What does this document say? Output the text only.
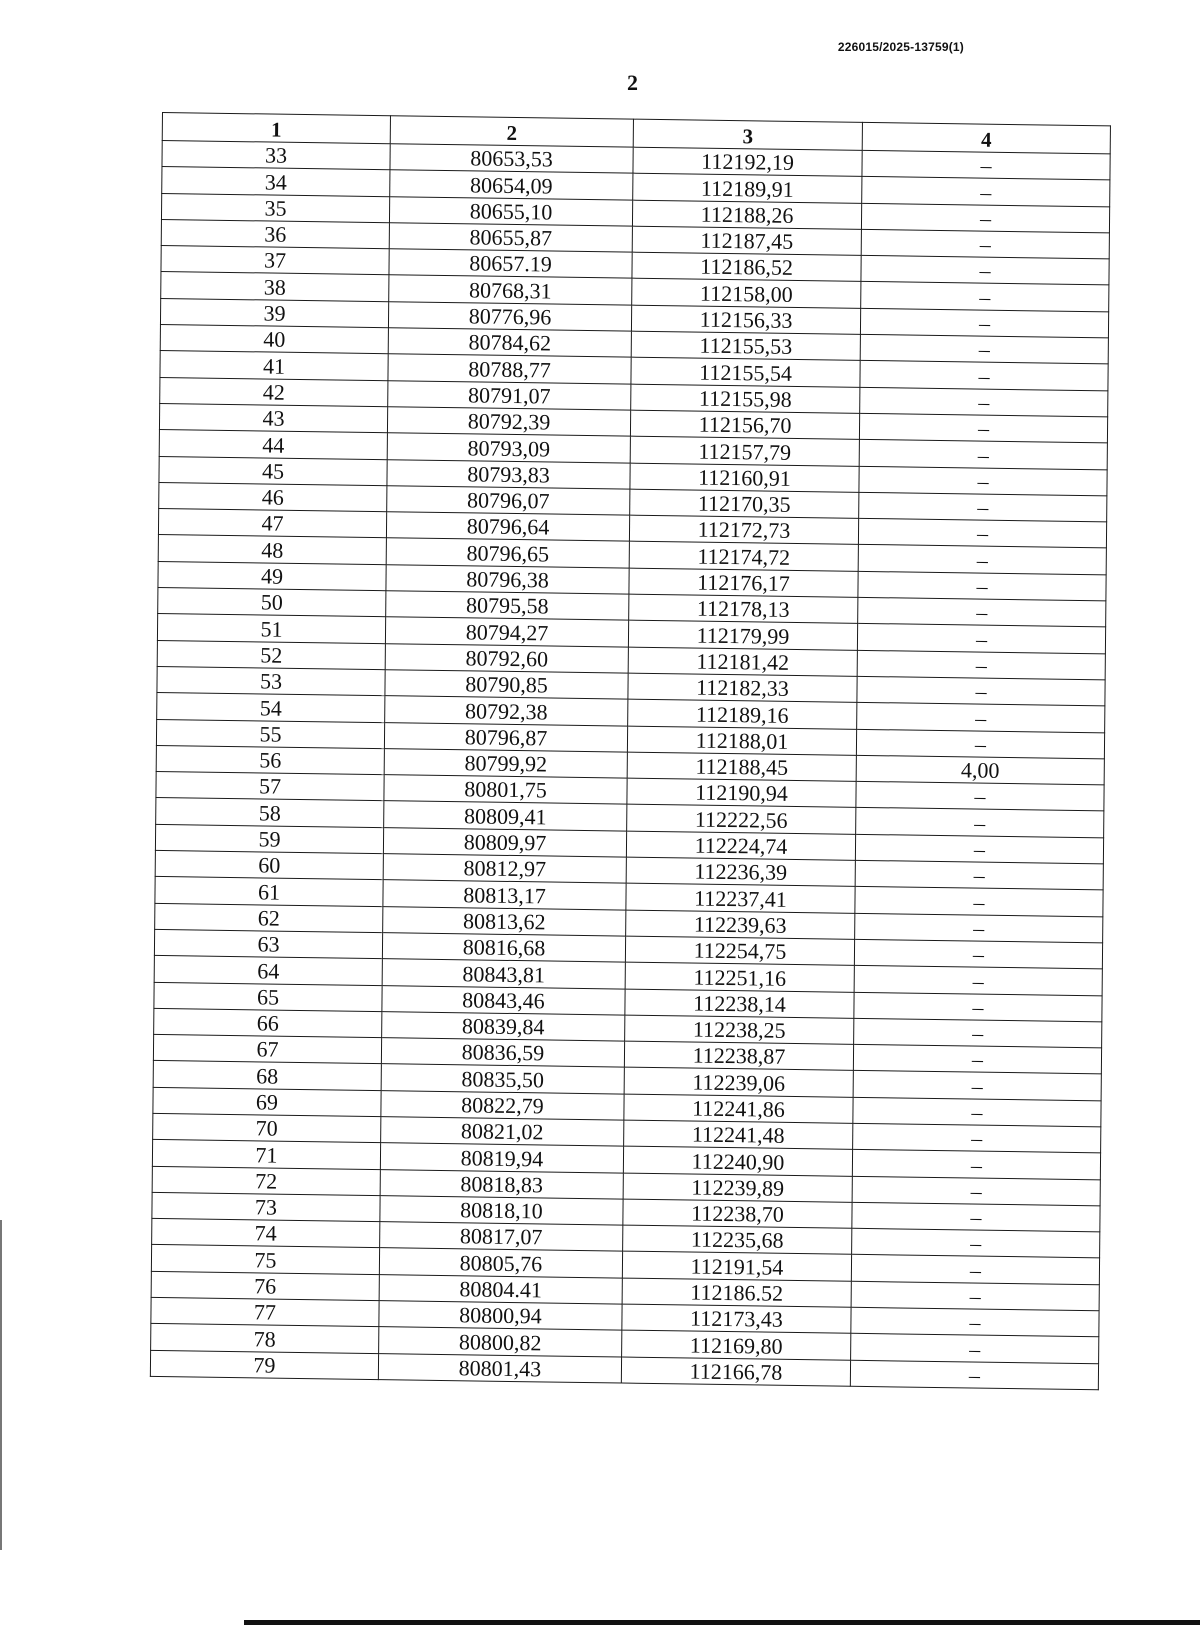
226015/2025-13759(1)
2
1	2	3	4
33	80653,53	112192,19	–
34	80654,09	112189,91	–
35	80655,10	112188,26	–
36	80655,87	112187,45	–
37	80657.19	112186,52	–
38	80768,31	112158,00	–
39	80776,96	112156,33	–
40	80784,62	112155,53	–
41	80788,77	112155,54	–
42	80791,07	112155,98	–
43	80792,39	112156,70	–
44	80793,09	112157,79	–
45	80793,83	112160,91	–
46	80796,07	112170,35	–
47	80796,64	112172,73	–
48	80796,65	112174,72	–
49	80796,38	112176,17	–
50	80795,58	112178,13	–
51	80794,27	112179,99	–
52	80792,60	112181,42	–
53	80790,85	112182,33	–
54	80792,38	112189,16	–
55	80796,87	112188,01	–
56	80799,92	112188,45	4,00
57	80801,75	112190,94	–
58	80809,41	112222,56	–
59	80809,97	112224,74	–
60	80812,97	112236,39	–
61	80813,17	112237,41	–
62	80813,62	112239,63	–
63	80816,68	112254,75	–
64	80843,81	112251,16	–
65	80843,46	112238,14	–
66	80839,84	112238,25	–
67	80836,59	112238,87	–
68	80835,50	112239,06	–
69	80822,79	112241,86	–
70	80821,02	112241,48	–
71	80819,94	112240,90	–
72	80818,83	112239,89	–
73	80818,10	112238,70	–
74	80817,07	112235,68	–
75	80805,76	112191,54	–
76	80804.41	112186.52	–
77	80800,94	112173,43	–
78	80800,82	112169,80	–
79	80801,43	112166,78	–
